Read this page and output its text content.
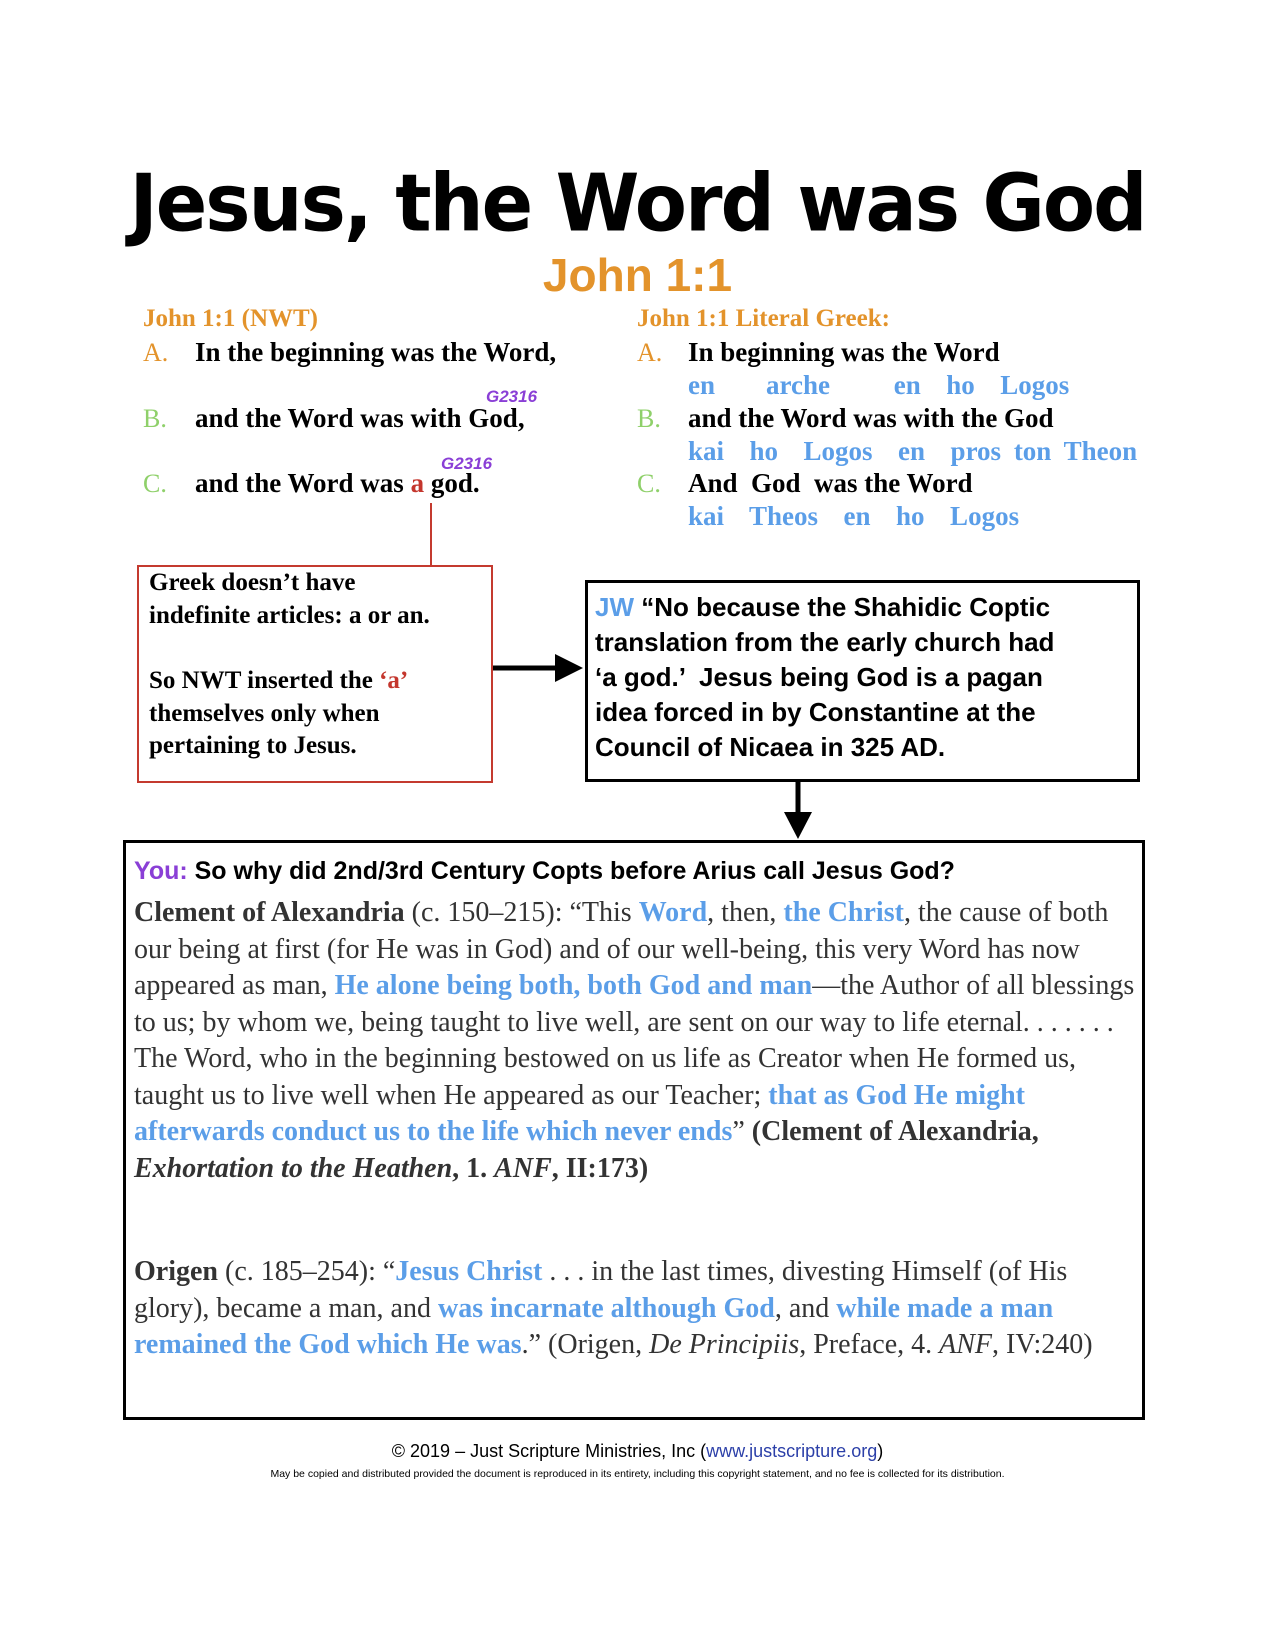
Jesus, the Word was God
John 1:1
John 1:1 (NWT)
A. In the beginning was the Word,
G2316
B. and the Word was with God,
G2316
C. and the Word was a god.
John 1:1 Literal Greek:
A. In beginning was the Word
en    arche     en  ho  Logos
B. and the Word was with the God
kai  ho  Logos  en  pros ton Theon
C. And  God  was the Word
kai  Theos  en  ho  Logos
Greek doesn’t have
indefinite articles: a or an.
So NWT inserted the ‘a’
themselves only when
pertaining to Jesus.
JW “No because the Shahidic Coptic
translation from the early church had
‘a god.’  Jesus being God is a pagan
idea forced in by Constantine at the
Council of Nicaea in 325 AD.
You: So why did 2nd/3rd Century Copts before Arius call Jesus God?
Clement of Alexandria (c. 150–215): “This Word, then, the Christ, the cause of both our being at first (for He was in God) and of our well-being, this very Word has now appeared as man, He alone being both, both God and man—the Author of all blessings to us; by whom we, being taught to live well, are sent on our way to life eternal. . . . . . . The Word, who in the beginning bestowed on us life as Creator when He formed us, taught us to live well when He appeared as our Teacher; that as God He might afterwards conduct us to the life which never ends” (Clement of Alexandria, Exhortation to the Heathen, 1. ANF, II:173)
Origen (c. 185–254): “Jesus Christ . . . in the last times, divesting Himself (of His glory), became a man, and was incarnate although God, and while made a man remained the God which He was.” (Origen, De Principiis, Preface, 4. ANF, IV:240)
© 2019 – Just Scripture Ministries, Inc (www.justscripture.org)
May be copied and distributed provided the document is reproduced in its entirety, including this copyright statement, and no fee is collected for its distribution.
